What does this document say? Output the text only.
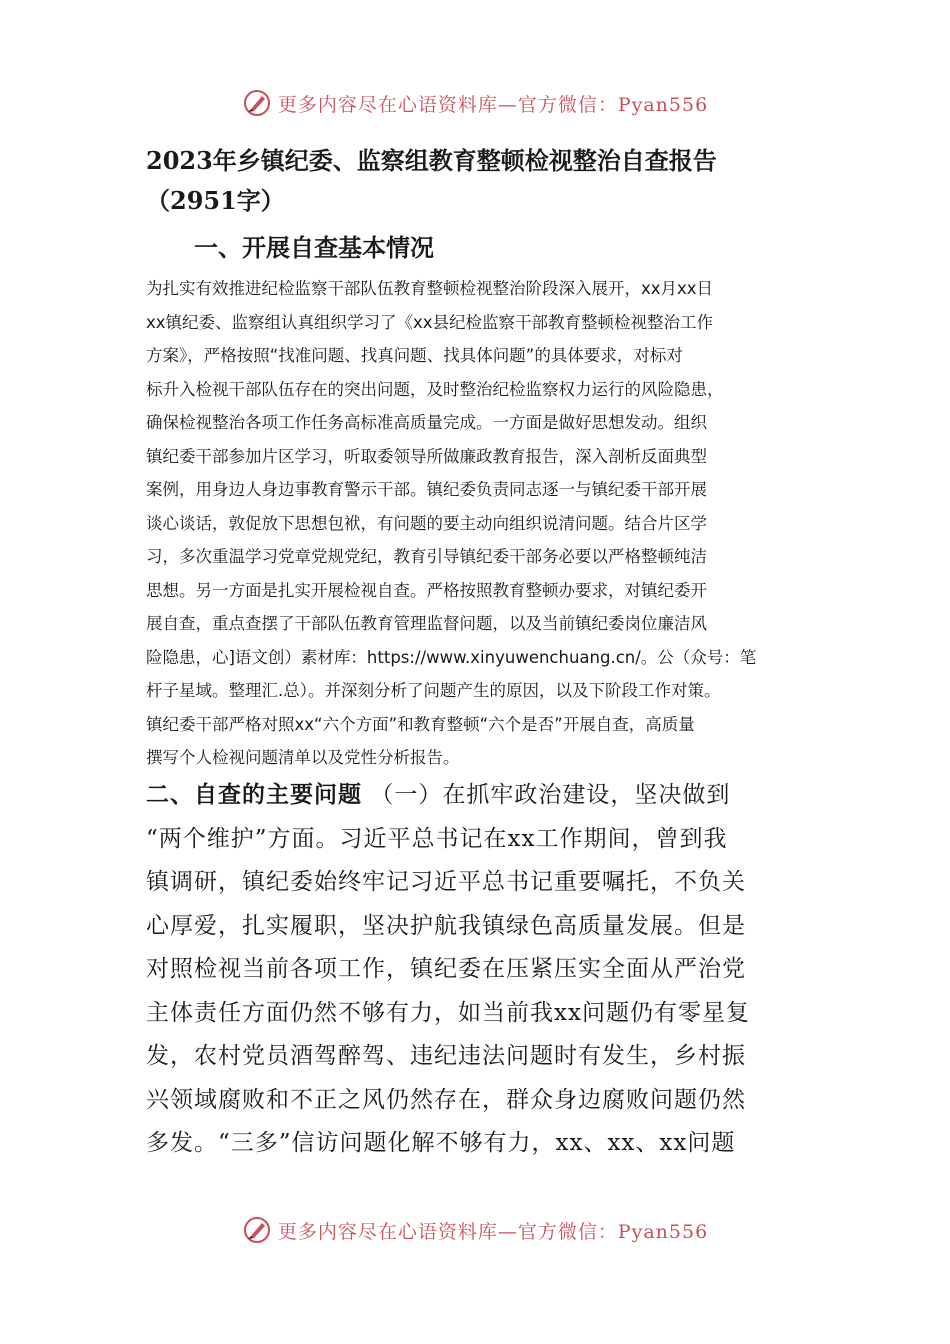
更多内容尽在心语资料库—官方微信：Pyan556
2023年乡镇纪委、监察组教育整顿检视整治自查报告
（2951字）
一、开展自查基本情况

为扎实有效推进纪检监察干部队伍教育整顿检视整治阶段深入展开，xx月xx日
xx镇纪委、监察组认真组织学习了《xx县纪检监察干部教育整顿检视整治工作
方案》，严格按照“找准问题、找真问题、找具体问题”的具体要求，对标对
标升入检视干部队伍存在的突出问题，及时整治纪检监察权力运行的风险隐患，
确保检视整治各项工作任务高标准高质量完成。一方面是做好思想发动。组织
镇纪委干部参加片区学习，听取委领导所做廉政教育报告，深入剖析反面典型
案例，用身边人身边事教育警示干部。镇纪委负责同志逐一与镇纪委干部开展
谈心谈话，敦促放下思想包袱，有问题的要主动向组织说清问题。结合片区学
习，多次重温学习党章党规党纪，教育引导镇纪委干部务必要以严格整顿纯洁
思想。另一方面是扎实开展检视自查。严格按照教育整顿办要求，对镇纪委开
展自查，重点查摆了干部队伍教育管理监督问题，以及当前镇纪委岗位廉洁风
险隐患，心]语文创）素材库：https://www.xinyuwenchuang.cn/。公（众号：笔
杆子星域。整理汇.总）。并深刻分析了问题产生的原因，以及下阶段工作对策。
镇纪委干部严格对照xx“六个方面”和教育整顿“六个是否”开展自查，高质量
撰写个人检视问题清单以及党性分析报告。

二、自查的主要问题 （一）在抓牢政治建设，坚决做到
“两个维护”方面。习近平总书记在xx工作期间，曾到我
镇调研，镇纪委始终牢记习近平总书记重要嘱托，不负关
心厚爱，扎实履职，坚决护航我镇绿色高质量发展。但是
对照检视当前各项工作，镇纪委在压紧压实全面从严治党
主体责任方面仍然不够有力，如当前我xx问题仍有零星复
发，农村党员酒驾醉驾、违纪违法问题时有发生，乡村振
兴领域腐败和不正之风仍然存在，群众身边腐败问题仍然
多发。“三多”信访问题化解不够有力，xx、xx、xx问题

更多内容尽在心语资料库—官方微信：Pyan556
